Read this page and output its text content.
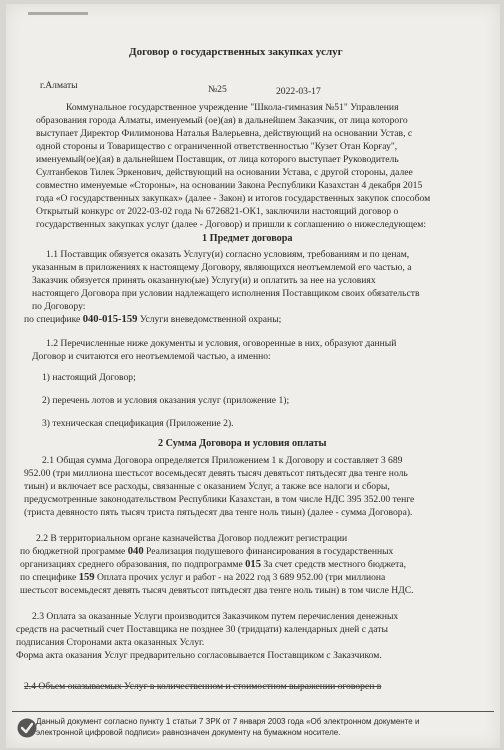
Договор о государственных закупках услуг
г.Алматы	№25	2022-03-17
Коммунальное государственное учреждение "Школа-гимназия №51" Управления
образования города Алматы, именуемый (ое)(ая) в дальнейшем Заказчик, от лица которого
выступает Директор Филимонова Наталья Валерьевна, действующий на основании Устав, с
одной стороны и Товарищество с ограниченной ответственностью "Кузет Отан Корғау",
именуемый(ое)(ая) в дальнейшем Поставщик, от лица которого выступает Руководитель
Султанбеков Тилек Эркенович, действующий на основании Устава, с другой стороны, далее
совместно именуемые «Стороны», на основании Закона Республики Казахстан 4 декабря 2015
года «О государственных закупках» (далее - Закон) и итогов государственных закупок способом
Открытый конкурс от 2022-03-02 года № 6726821-ОК1, заключили настоящий договор о
государственных закупках услуг (далее - Договор) и пришли к соглашению о нижеследующем:
1 Предмет договора
1.1 Поставщик обязуется оказать Услугу(и) согласно условиям, требованиям и по ценам,
указанным в приложениях к настоящему Договору, являющихся неотъемлемой его частью, а
Заказчик обязуется принять оказанную(ые) Услугу(и) и оплатить за нее на условиях
настоящего Договора при условии надлежащего исполнения Поставщиком своих обязательств
по Договору:
по специфике 040-015-159 Услуги вневедомственной охраны;
1.2 Перечисленные ниже документы и условия, оговоренные в них, образуют данный
Договор и считаются его неотъемлемой частью, а именно:
1) настоящий Договор;
2) перечень лотов и условия оказания услуг (приложение 1);
3) техническая спецификация (Приложение 2).
2 Сумма Договора и условия оплаты
2.1 Общая сумма Договора определяется Приложением 1 к Договору и составляет 3 689
952.00 (три миллиона шестьсот восемьдесят девять тысяч девятьсот пятьдесят два тенге ноль
тиын) и включает все расходы, связанные с оказанием Услуг, а также все налоги и сборы,
предусмотренные законодательством Республики Казахстан, в том числе НДС 395 352.00 тенге
(триста девяносто пять тысяч триста пятьдесят два тенге ноль тиын) (далее - сумма Договора).
2.2 В территориальном органе казначейства Договор подлежит регистрации
по бюджетной программе 040 Реализация подушевого финансирования в государственных
организациях среднего образования, по подпрограмме 015 За счет средств местного бюджета,
по специфике 159 Оплата прочих услуг и работ - на 2022 год 3 689 952.00 (три миллиона
шестьсот восемьдесят девять тысяч девятьсот пятьдесят два тенге ноль тиын) в том числе НДС.
2.3 Оплата за оказанные Услуги производится Заказчиком путем перечисления денежных
средств на расчетный счет Поставщика не позднее 30 (тридцати) календарных дней с даты
подписания Сторонами акта оказанных Услуг.
Форма акта оказания Услуг предварительно согласовывается Поставщиком с Заказчиком.
2.4 Объем оказываемых Услуг в количественном и стоимостном выражении оговорен в
Данный документ согласно пункту 1 статьи 7 ЗРК от 7 января 2003 года «Об электронном документе и
электронной цифровой подписи» равнозначен документу на бумажном носителе.
